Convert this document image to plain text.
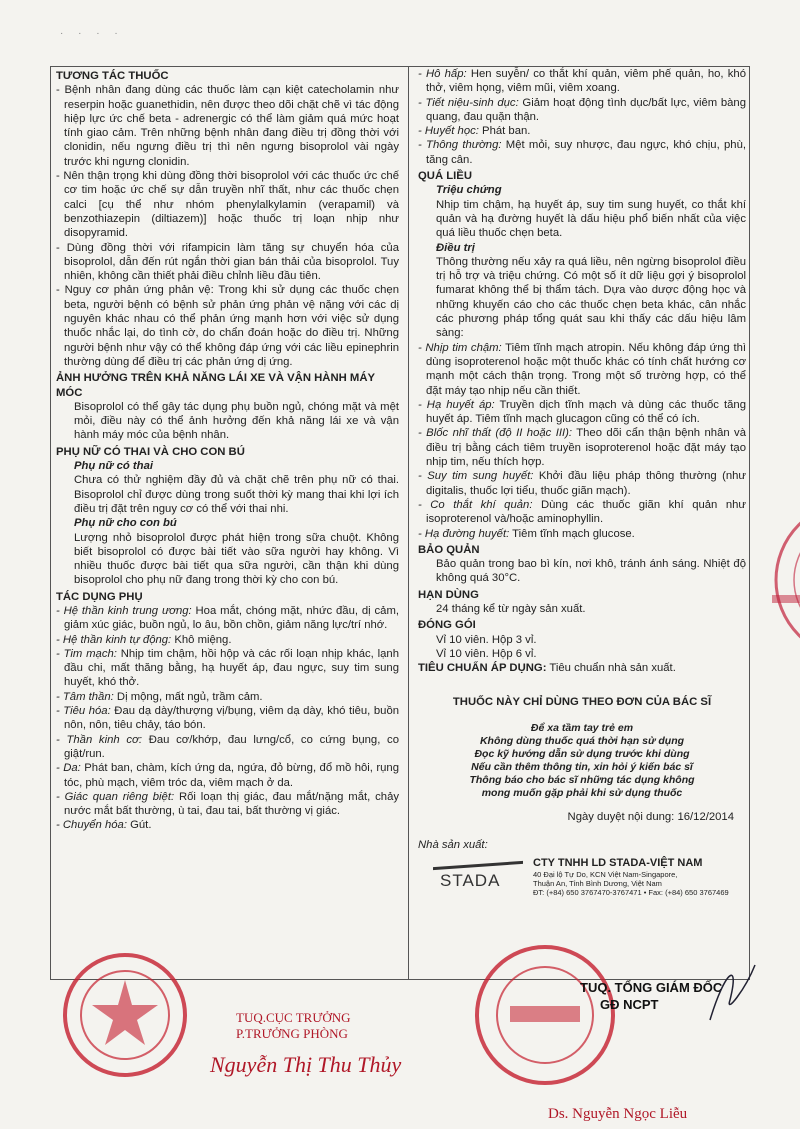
· · · ·
TƯƠNG TÁC THUỐC
- Bệnh nhân đang dùng các thuốc làm cạn kiệt catecholamin như reserpin hoặc guanethidin, nên được theo dõi chặt chẽ vì tác động hiệp lực ức chế beta - adrenergic có thể làm giảm quá mức hoạt tính giao cảm. Trên những bệnh nhân đang điều trị đồng thời với clonidin, nếu ngưng điều trị thì nên ngưng bisoprolol vài ngày trước khi ngưng clonidin.
- Nên thận trọng khi dùng đồng thời bisoprolol với các thuốc ức chế cơ tim hoặc ức chế sự dẫn truyền nhĩ thất, như các thuốc chẹn calci [cụ thể như nhóm phenylalkylamin (verapamil) và benzothiazepin (diltiazem)] hoặc thuốc trị loạn nhịp như disopyramid.
- Dùng đồng thời với rifampicin làm tăng sự chuyển hóa của bisoprolol, dẫn đến rút ngắn thời gian bán thải của bisoprolol. Tuy nhiên, không cần thiết phải điều chỉnh liều đầu tiên.
- Nguy cơ phản ứng phản vệ: Trong khi sử dụng các thuốc chẹn beta, người bệnh có bệnh sử phản ứng phản vệ nặng với các dị nguyên khác nhau có thể phản ứng mạnh hơn với việc sử dụng thuốc nhắc lại, do tình cờ, do chẩn đoán hoặc do điều trị. Những người bệnh như vậy có thể không đáp ứng với các liều epinephrin thường dùng để điều trị các phản ứng dị ứng.
ẢNH HƯỞNG TRÊN KHẢ NĂNG LÁI XE VÀ VẬN HÀNH MÁY MÓC
Bisoprolol có thể gây tác dụng phụ buồn ngủ, chóng mặt và mệt mỏi, điều này có thể ảnh hưởng đến khả năng lái xe và vận hành máy móc của bệnh nhân.
PHỤ NỮ CÓ THAI VÀ CHO CON BÚ
Phụ nữ có thai
Chưa có thử nghiệm đầy đủ và chặt chẽ trên phụ nữ có thai. Bisoprolol chỉ được dùng trong suốt thời kỳ mang thai khi lợi ích điều trị đặt trên nguy cơ có thể với thai nhi.
Phụ nữ cho con bú
Lượng nhỏ bisoprolol được phát hiện trong sữa chuột. Không biết bisoprolol có được bài tiết vào sữa người hay không. Vì nhiều thuốc được bài tiết qua sữa người, cần thận khi dùng bisoprolol cho phụ nữ đang trong thời kỳ cho con bú.
TÁC DỤNG PHỤ
- Hệ thần kinh trung ương: Hoa mắt, chóng mặt, nhức đầu, dị cảm, giảm xúc giác, buồn ngủ, lo âu, bồn chồn, giảm năng lực/trí nhớ.
- Hệ thần kinh tự động: Khô miệng.
- Tim mạch: Nhịp tim chậm, hồi hộp và các rối loạn nhịp khác, lạnh đầu chi, mất thăng bằng, hạ huyết áp, đau ngực, suy tim sung huyết, khó thở.
- Tâm thần: Dị mộng, mất ngủ, trầm cảm.
- Tiêu hóa: Đau dạ dày/thượng vị/bụng, viêm dạ dày, khó tiêu, buồn nôn, nôn, tiêu chảy, táo bón.
- Thần kinh cơ: Đau cơ/khớp, đau lưng/cổ, co cứng bụng, co giật/run.
- Da: Phát ban, chàm, kích ứng da, ngứa, đỏ bừng, đổ mồ hôi, rụng tóc, phù mạch, viêm tróc da, viêm mạch ở da.
- Giác quan riêng biệt: Rối loạn thị giác, đau mắt/nặng mắt, chảy nước mắt bất thường, ù tai, đau tai, bất thường vị giác.
- Chuyển hóa: Gút.
- Hô hấp: Hen suyễn/ co thắt khí quản, viêm phế quản, ho, khó thở, viêm họng, viêm mũi, viêm xoang.
- Tiết niệu-sinh dục: Giảm hoạt động tình dục/bất lực, viêm bàng quang, đau quặn thận.
- Huyết học: Phát ban.
- Thông thường: Mệt mỏi, suy nhược, đau ngực, khó chịu, phù, tăng cân.
QUÁ LIỀU
Triệu chứng
Nhịp tim chậm, hạ huyết áp, suy tim sung huyết, co thắt khí quản và hạ đường huyết là dấu hiệu phổ biến nhất của việc quá liều thuốc chẹn beta.
Điều trị
Thông thường nếu xảy ra quá liều, nên ngừng bisoprolol điều trị hỗ trợ và triệu chứng. Có một số ít dữ liệu gợi ý bisoprolol fumarat không thể bị thẩm tách. Dựa vào dược động học và những khuyến cáo cho các thuốc chẹn beta khác, cân nhắc các phương pháp tổng quát sau khi thấy các dấu hiệu lâm sàng:
- Nhịp tim chậm: Tiêm tĩnh mạch atropin. Nếu không đáp ứng thì dùng isoproterenol hoặc một thuốc khác có tính chất hướng cơ mạnh một cách thận trọng. Trong một số trường hợp, có thể đặt máy tạo nhịp nếu cần thiết.
- Hạ huyết áp: Truyền dịch tĩnh mạch và dùng các thuốc tăng huyết áp. Tiêm tĩnh mạch glucagon cũng có thể có ích.
- Blốc nhĩ thất (độ II hoặc III): Theo dõi cẩn thận bệnh nhân và điều trị bằng cách tiêm truyền isoproterenol hoặc đặt máy tạo nhịp tim, nếu thích hợp.
- Suy tim sung huyết: Khởi đầu liệu pháp thông thường (như digitalis, thuốc lợi tiểu, thuốc giãn mạch).
- Co thắt khí quản: Dùng các thuốc giãn khí quản như isoproterenol và/hoặc aminophyllin.
- Hạ đường huyết: Tiêm tĩnh mạch glucose.
BẢO QUẢN
Bảo quản trong bao bì kín, nơi khô, tránh ánh sáng. Nhiệt độ không quá 30°C.
HẠN DÙNG
24 tháng kể từ ngày sản xuất.
ĐÓNG GÓI
Vỉ 10 viên. Hộp 3 vỉ.
Vỉ 10 viên. Hộp 6 vỉ.
TIÊU CHUẨN ÁP DỤNG: Tiêu chuẩn nhà sản xuất.
THUỐC NÀY CHỈ DÙNG THEO ĐƠN CỦA BÁC SĨ
Để xa tầm tay trẻ em
Không dùng thuốc quá thời hạn sử dụng
Đọc kỹ hướng dẫn sử dụng trước khi dùng
Nếu cần thêm thông tin, xin hỏi ý kiến bác sĩ
Thông báo cho bác sĩ những tác dụng không mong muốn gặp phải khi sử dụng thuốc
Ngày duyệt nội dung: 16/12/2014
Nhà sản xuất:
STADA
CTY TNHH LD STADA-VIỆT NAM
40 Đại lộ Tự Do, KCN Việt Nam-Singapore,
Thuận An, Tỉnh Bình Dương, Việt Nam
ĐT: (+84) 650 3767470-3767471 • Fax: (+84) 650 3767469
TUQ.CỤC TRƯỞNG
P.TRƯỞNG PHÒNG
Nguyễn Thị Thu Thủy
TUQ. TỔNG GIÁM ĐỐC
GĐ NCPT
Ds. Nguyễn Ngọc Liễu
